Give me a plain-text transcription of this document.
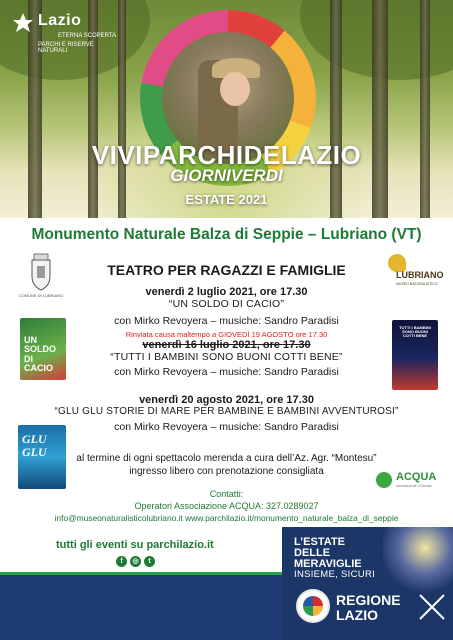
Lazio
ETERNA SCOPERTA
PARCHI E RISERVE NATURALI
VIVIPARCHIDELAZIO
GIORNIVERDI
ESTATE 2021
Monumento Naturale Balza di Seppie – Lubriano (VT)
COMUNE DI LUBRIANO
TEATRO PER RAGAZZI E FAMIGLIE	LUBRIANO
MUSEO NATURALISTICO
venerdì 2 luglio 2021, ore 17.30
“UN SOLDO DI CACIO”
con Mirko Revoyera – musiche: Sandro Paradisi
Rinviata causa maltempo a GIOVEDÌ 19 AGOSTO ore 17.30
venerdì 16 luglio 2021, ore 17.30
“TUTTI I BAMBINI SONO BUONI COTTI BENE”
con Mirko Revoyera – musiche: Sandro Paradisi
venerdì 20 agosto 2021, ore 17.30
“GLU GLU STORIE DI MARE PER BAMBINE E BAMBINI AVVENTUROSI”
con Mirko Revoyera – musiche: Sandro Paradisi
UN SOLDO DI CACIO
TUTTI I BAMBINI SONO BUONI COTTI BENE
GLU GLU	al termine di ogni spettacolo merenda a cura dell’Az. Agr. “Montesu”
ingresso libero con prenotazione consigliata	ACQUA
Associazione Culturale
Contatti:
Operatori Associazione ACQUA: 327.0289027
info@museonaturalisticolubriano.it www.parchilazio.it/monumento_naturale_balza_di_seppie
tutti gli eventi su parchilazio.it
f	◎	t
L’ESTATE
DELLE
MERAVIGLIE
INSIEME, SICURI
REGIONE
LAZIO
